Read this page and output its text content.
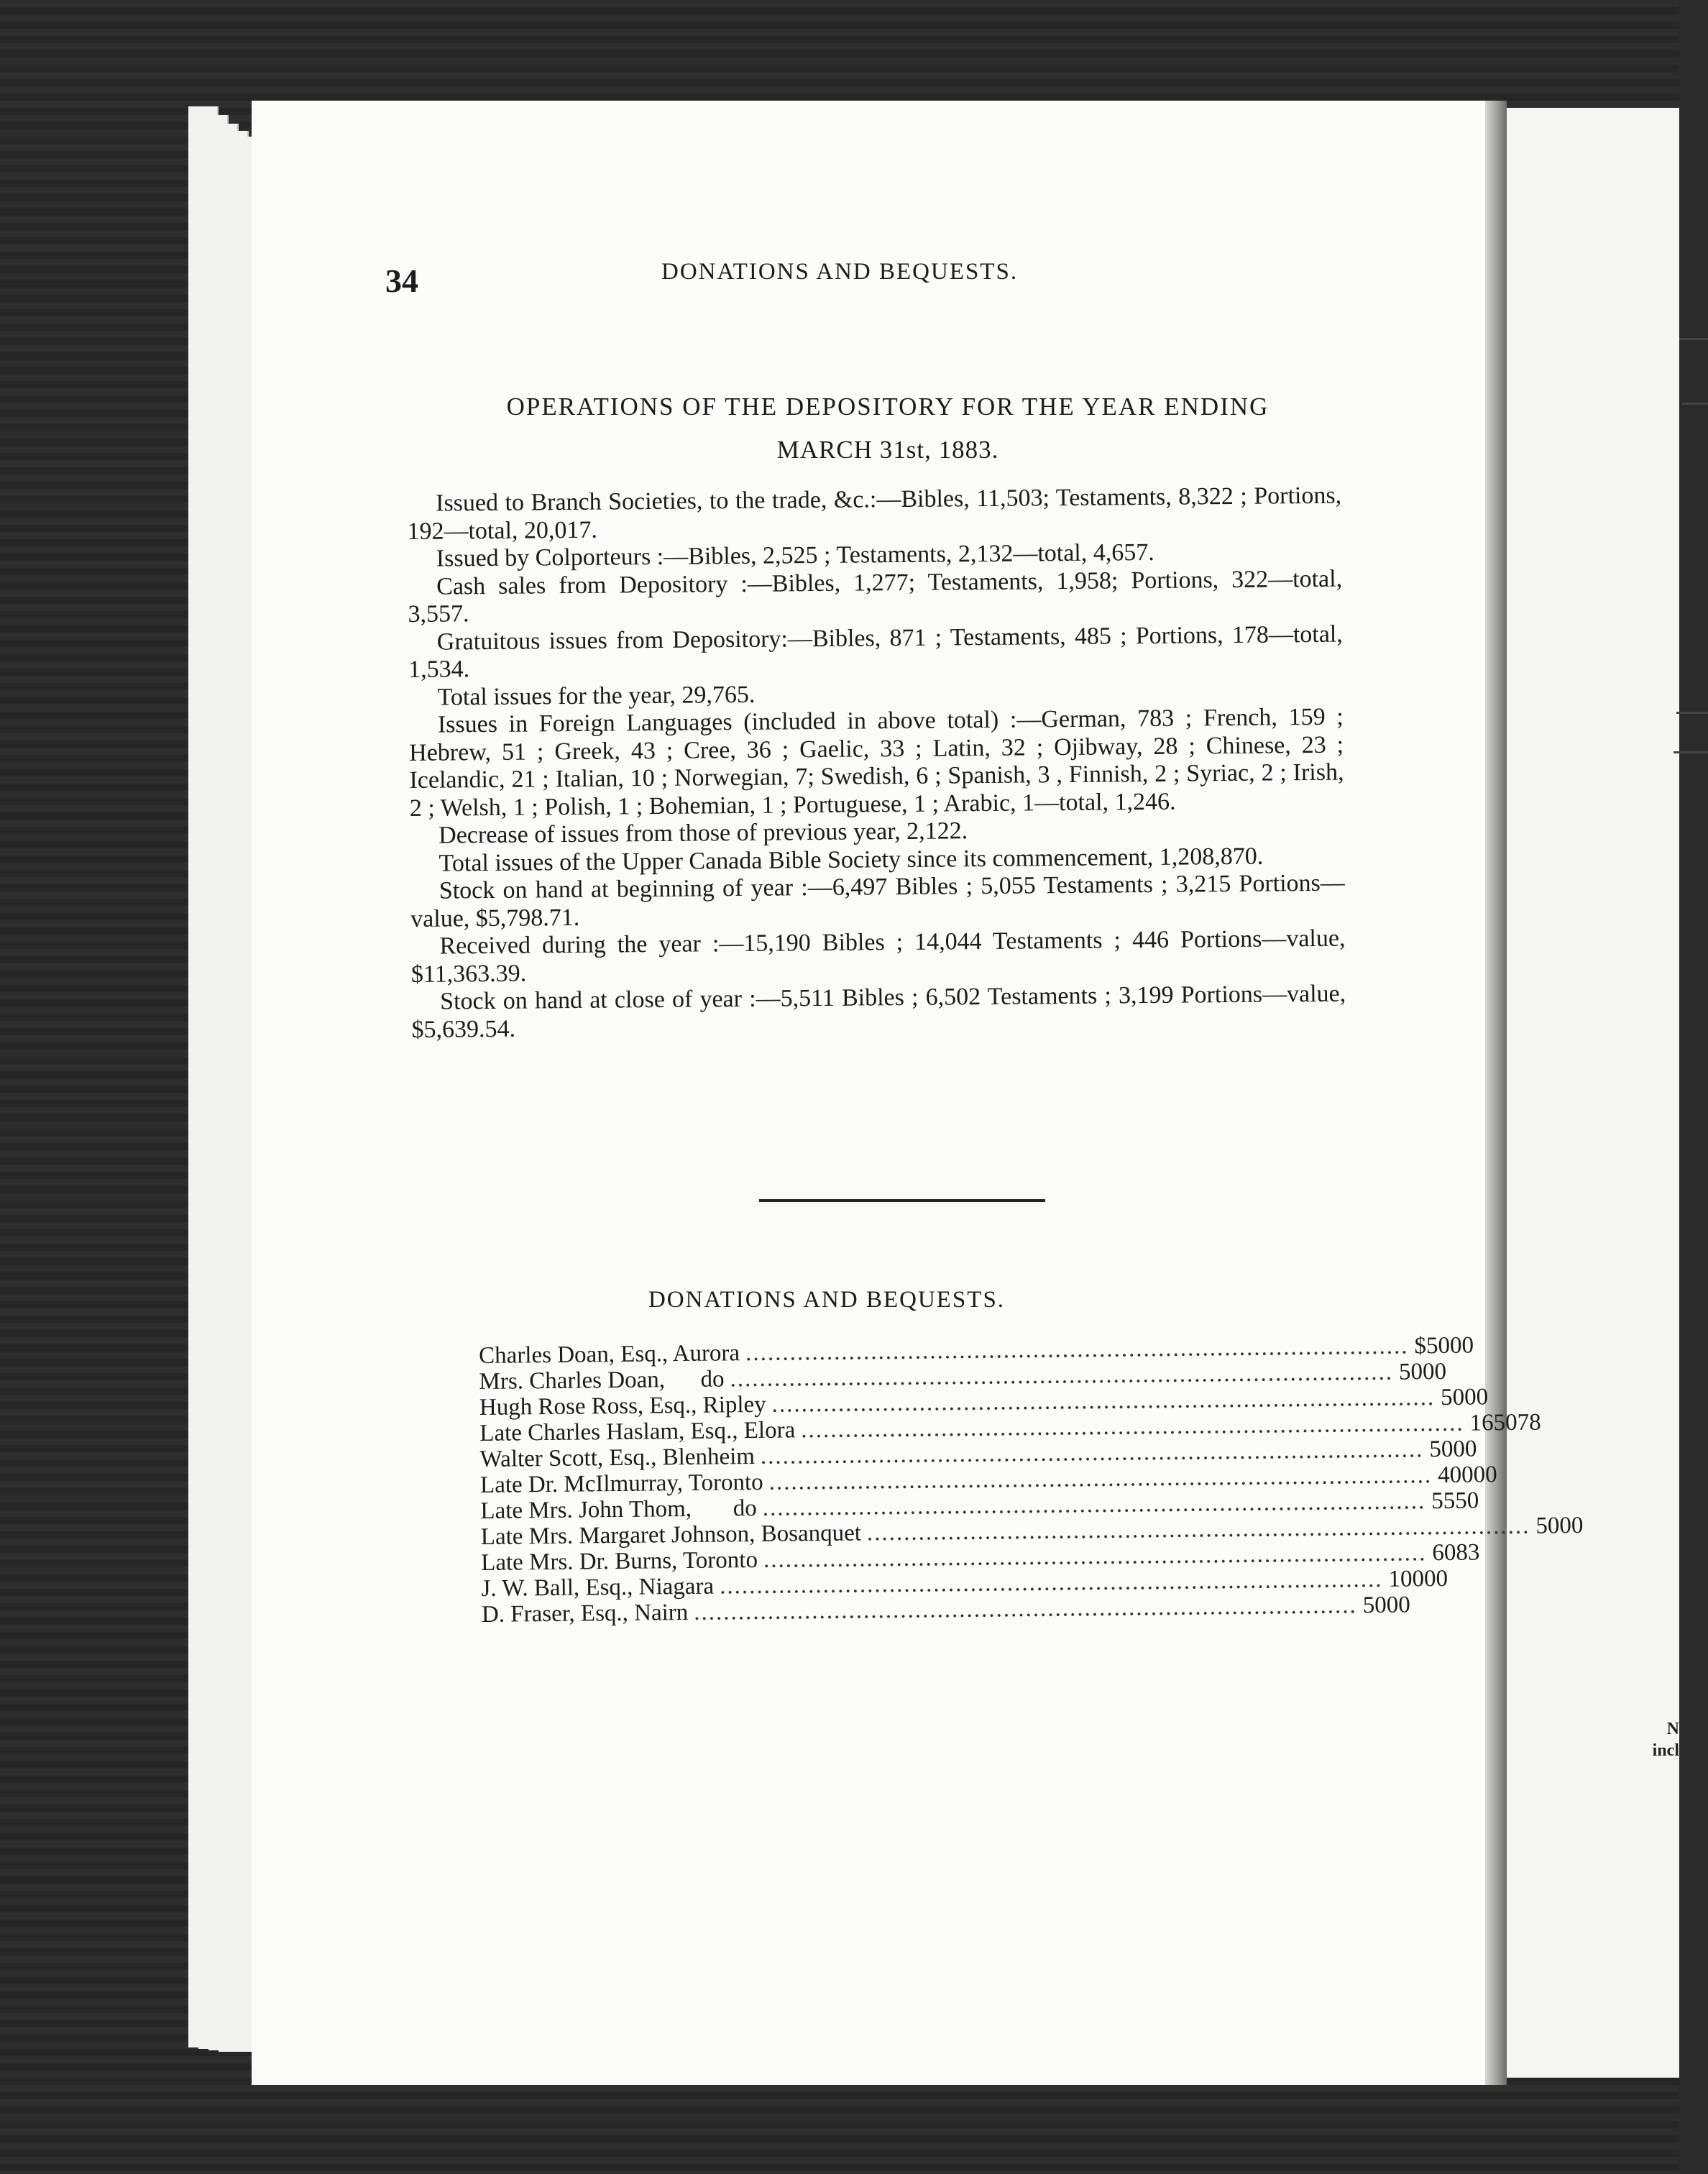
N
incl
34	DONATIONS AND BEQUESTS.
OPERATIONS OF THE DEPOSITORY FOR THE YEAR ENDING
MARCH 31st, 1883.

Issued to Branch Societies, to the trade, &c.:—Bibles, 11,503; Testaments, 8,322 ; Portions, 192—total, 20,017.

Issued by Colporteurs :—Bibles, 2,525 ; Testaments, 2,132—total, 4,657.

Cash sales from Depository :—Bibles, 1,277; Testaments, 1,958; Portions, 322—total, 3,557.

Gratuitous issues from Depository:—Bibles, 871 ; Testaments, 485 ; Portions, 178—total, 1,534.

Total issues for the year, 29,765.

Issues in Foreign Languages (included in above total) :—German, 783 ; French, 159 ; Hebrew, 51 ; Greek, 43 ; Cree, 36 ; Gaelic, 33 ; Latin, 32 ; Ojibway, 28 ; Chinese, 23 ; Icelandic, 21 ; Italian, 10 ; Norwegian, 7; Swedish, 6 ; Spanish, 3 , Finnish, 2 ; Syriac, 2 ; Irish, 2 ; Welsh, 1 ; Polish, 1 ; Bohemian, 1 ; Portuguese, 1 ; Arabic, 1—total, 1,246.

Decrease of issues from those of previous year, 2,122.

Total issues of the Upper Canada Bible Society since its commencement, 1,208,870.

Stock on hand at beginning of year :—6,497 Bibles ; 5,055 Testaments ; 3,215 Portions—value, $5,798.71.

Received during the year :—15,190 Bibles ; 14,044 Testaments ; 446 Portions—value, $11,363.39.

Stock on hand at close of year :—5,511 Bibles ; 6,502 Testaments ; 3,199 Portions—value, $5,639.54.

DONATIONS AND BEQUESTS.
Charles Doan, Esq., Aurora .......................................................................................... $50 00
Mrs. Charles Doan,      do .......................................................................................... 50 00
Hugh Rose Ross, Esq., Ripley .......................................................................................... 50 00
Late Charles Haslam, Esq., Elora .......................................................................................... 1650 78
Walter Scott, Esq., Blenheim .......................................................................................... 50 00
Late Dr. McIlmurray, Toronto .......................................................................................... 400 00
Late Mrs. John Thom,       do .......................................................................................... 55 50
Late Mrs. Margaret Johnson, Bosanquet .......................................................................................... 50 00
Late Mrs. Dr. Burns, Toronto .......................................................................................... 60 83
J. W. Ball, Esq., Niagara .......................................................................................... 100 00
D. Fraser, Esq., Nairn .......................................................................................... 50 00
